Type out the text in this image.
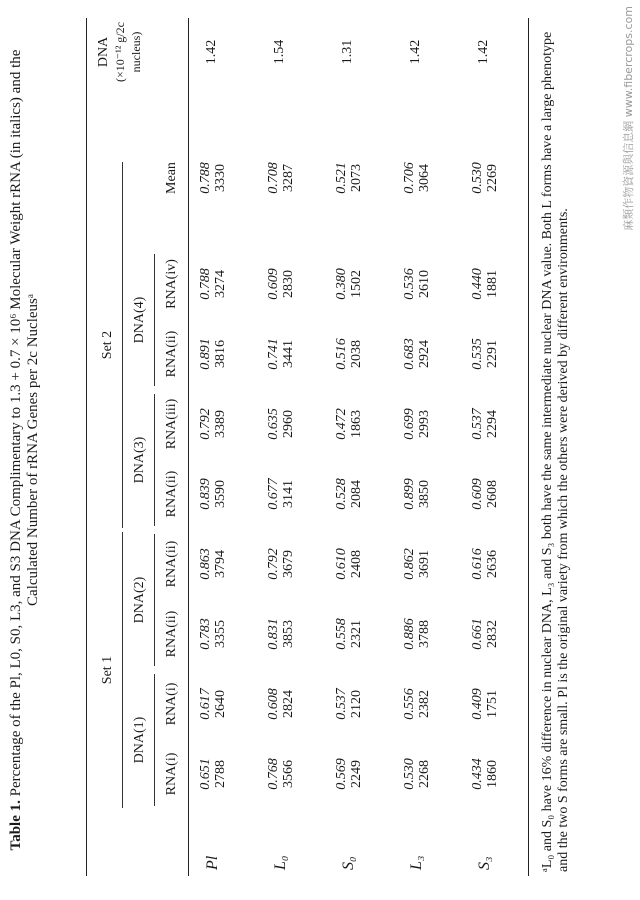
Table 1. Percentage of the Pl, L0, S0, L3, and S3 DNA Complimentary to 1.3 + 0.7 × 10⁶ Molecular Weight rRNA (in italics) and the Calculated Number of rRNA Genes per 2c Nucleusᵃ
Set 1
Set 2
DNA(1)
DNA(2)
DNA(3)
DNA(4)
DNA (×10⁻¹² g/2c nucleus)
RNA(i)
RNA(i)
RNA(ii)
RNA(ii)
RNA(ii)
RNA(iii)
RNA(ii)
RNA(iv)
Mean
Pl
0.651 2788
0.617 2640
0.783 3355
0.863 3794
0.839 3590
0.792 3389
0.891 3816
0.788 3274
0.788 3330
1.42
L₀
0.768 3566
0.608 2824
0.831 3853
0.792 3679
0.677 3141
0.635 2960
0.741 3441
0.609 2830
0.708 3287
1.54
S₀
0.569 2249
0.537 2120
0.558 2321
0.610 2408
0.528 2084
0.472 1863
0.516 2038
0.380 1502
0.521 2073
1.31
L₃
0.530 2268
0.556 2382
0.886 3788
0.862 3691
0.899 3850
0.699 2993
0.683 2924
0.536 2610
0.706 3064
1.42
S₃
0.434 1860
0.409 1751
0.661 2832
0.616 2636
0.609 2608
0.537 2294
0.535 2291
0.440 1881
0.530 2269
1.42	ᵃL₀ and S₀ have 16% difference in nuclear DNA, L₃ and S₃ both have the same intermediate nuclear DNA value. Both L forms have a large phenotype and the two S forms are small. Pl is the original variety from which the others were derived by different environments.
麻類作物資源與信息網 www.fibercrops.com
